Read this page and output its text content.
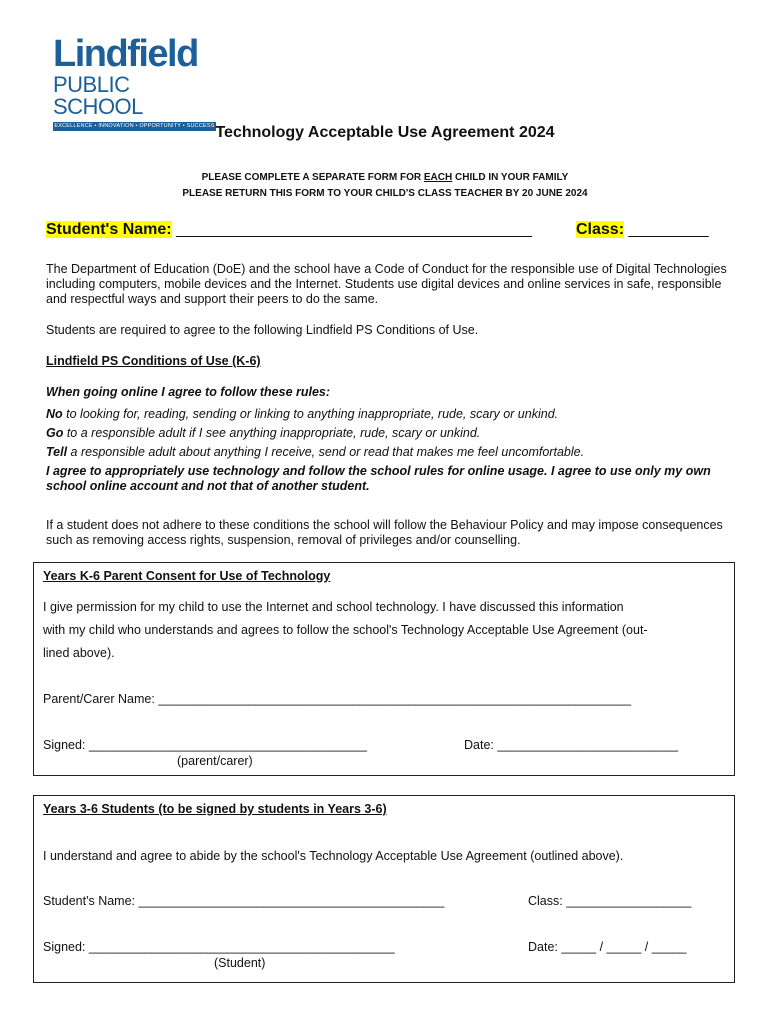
Lindfield
PUBLIC SCHOOL
EXCELLENCE • INNOVATION • OPPORTUNITY • SUCCESS Technology Acceptable Use Agreement 2024
PLEASE COMPLETE A SEPARATE FORM FOR EACH CHILD IN YOUR FAMILY
PLEASE RETURN THIS FORM TO YOUR CHILD'S CLASS TEACHER BY 20 JUNE 2024
Student's Name: ________________________________________	Class: _________
The Department of Education (DoE) and the school have a Code of Conduct for the responsible use of Digital Technologies including computers, mobile devices and the Internet. Students use digital devices and online services in safe, responsible and respectful ways and support their peers to do the same.
Students are required to agree to the following Lindfield PS Conditions of Use.
Lindfield PS Conditions of Use (K-6)
When going online I agree to follow these rules:
No to looking for, reading, sending or linking to anything inappropriate, rude, scary or unkind.
Go to a responsible adult if I see anything inappropriate, rude, scary or unkind.
Tell a responsible adult about anything I receive, send or read that makes me feel uncomfortable.
I agree to appropriately use technology and follow the school rules for online usage. I agree to use only my own school online account and not that of another student.
If a student does not adhere to these conditions the school will follow the Behaviour Policy and may impose consequences such as removing access rights, suspension, removal of privileges and/or counselling.
Years K-6 Parent Consent for Use of Technology
I give permission for my child to use the Internet and school technology. I have discussed this information
with my child who understands and agrees to follow the school's Technology Acceptable Use Agreement (out-
lined above).
Parent/Carer Name: ____________________________________________________________________
Signed: ________________________________________	Date: __________________________
(parent/carer)
Years 3-6 Students (to be signed by students in Years 3-6)
I understand and agree to abide by the school's Technology Acceptable Use Agreement (outlined above).
Student's Name: ____________________________________________	Class: __________________
Signed: ____________________________________________	Date: _____ / _____ / _____
(Student)
